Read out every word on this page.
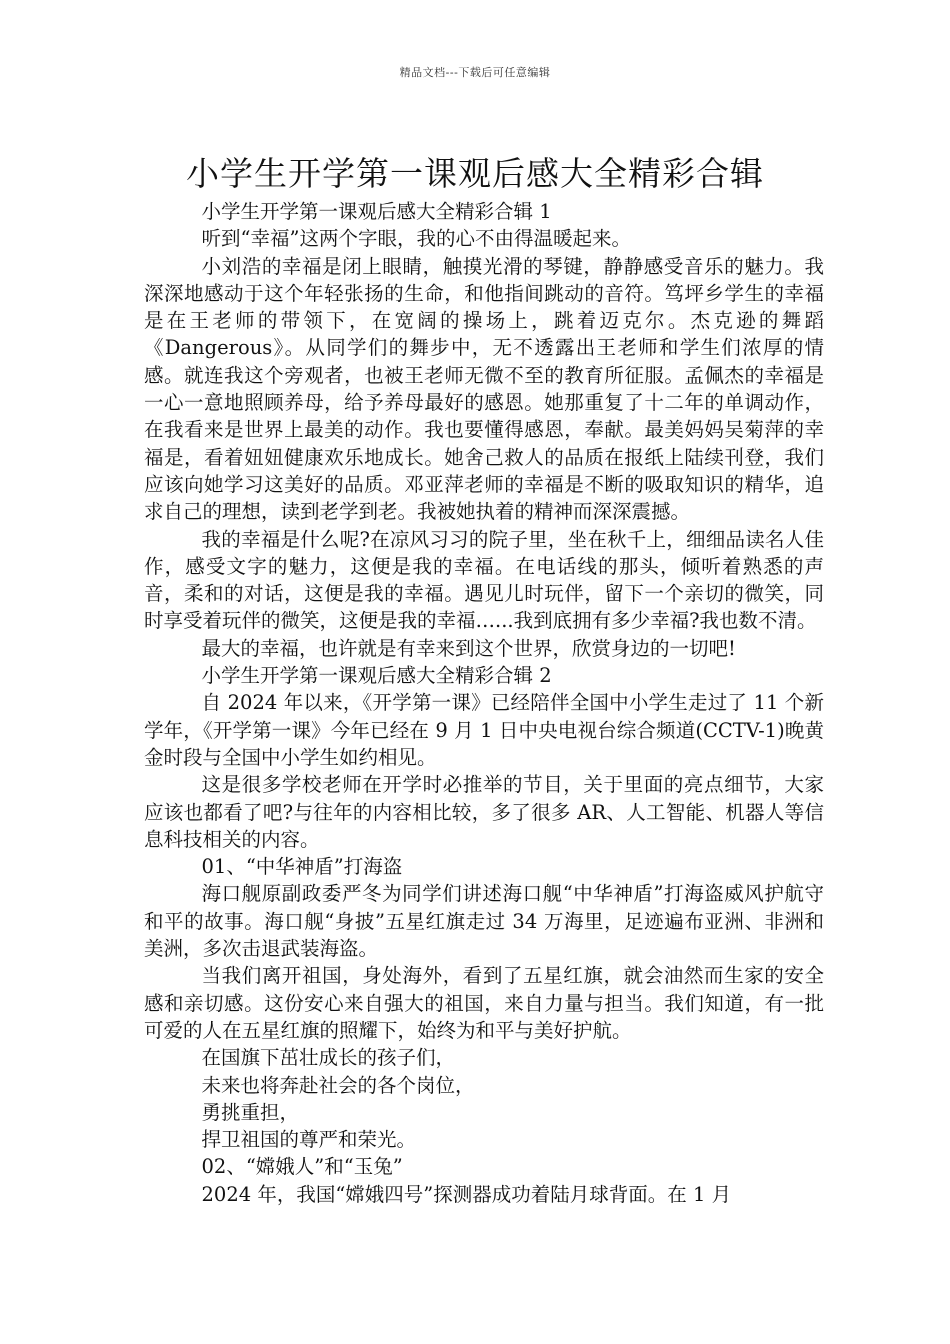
精品文档---下载后可任意编辑
小学生开学第一课观后感大全精彩合辑

小学生开学第一课观后感大全精彩合辑 1

听到“幸福”这两个字眼，我的心不由得温暖起来。

小刘浩的幸福是闭上眼睛，触摸光滑的琴键，静静感受音乐的魅力。我深深地感动于这个年轻张扬的生命，和他指间跳动的音符。笃坪乡学生的幸福是在王老师的带领下，在宽阔的操场上，跳着迈克尔。杰克逊的舞蹈《Dangerous》。从同学们的舞步中，无不透露出王老师和学生们浓厚的情感。就连我这个旁观者，也被王老师无微不至的教育所征服。孟佩杰的幸福是一心一意地照顾养母，给予养母最好的感恩。她那重复了十二年的单调动作，在我看来是世界上最美的动作。我也要懂得感恩，奉献。最美妈妈吴菊萍的幸福是，看着妞妞健康欢乐地成长。她舍己救人的品质在报纸上陆续刊登，我们应该向她学习这美好的品质。邓亚萍老师的幸福是不断的吸取知识的精华，追求自己的理想，读到老学到老。我被她执着的精神而深深震撼。

我的幸福是什么呢?在凉风习习的院子里，坐在秋千上，细细品读名人佳作，感受文字的魅力，这便是我的幸福。在电话线的那头，倾听着熟悉的声音，柔和的对话，这便是我的幸福。遇见儿时玩伴，留下一个亲切的微笑，同时享受着玩伴的微笑，这便是我的幸福…...我到底拥有多少幸福?我也数不清。

最大的幸福，也许就是有幸来到这个世界，欣赏身边的一切吧!

小学生开学第一课观后感大全精彩合辑 2

自 2024 年以来，《开学第一课》已经陪伴全国中小学生走过了 11 个新学年，《开学第一课》今年已经在 9 月 1 日中央电视台综合频道(CCTV-1)晚黄金时段与全国中小学生如约相见。

这是很多学校老师在开学时必推举的节目，关于里面的亮点细节，大家应该也都看了吧?与往年的内容相比较，多了很多 AR、人工智能、机器人等信息科技相关的内容。

01、“中华神盾”打海盗

海口舰原副政委严冬为同学们讲述海口舰“中华神盾”打海盗威风护航守和平的故事。海口舰“身披”五星红旗走过 34 万海里，足迹遍布亚洲、非洲和美洲，多次击退武装海盗。

当我们离开祖国，身处海外，看到了五星红旗，就会油然而生家的安全感和亲切感。这份安心来自强大的祖国，来自力量与担当。我们知道，有一批可爱的人在五星红旗的照耀下，始终为和平与美好护航。

在国旗下茁壮成长的孩子们，

未来也将奔赴社会的各个岗位，

勇挑重担，

捍卫祖国的尊严和荣光。

02、“嫦娥人”和“玉兔”

2024 年，我国“嫦娥四号”探测器成功着陆月球背面。在 1 月
